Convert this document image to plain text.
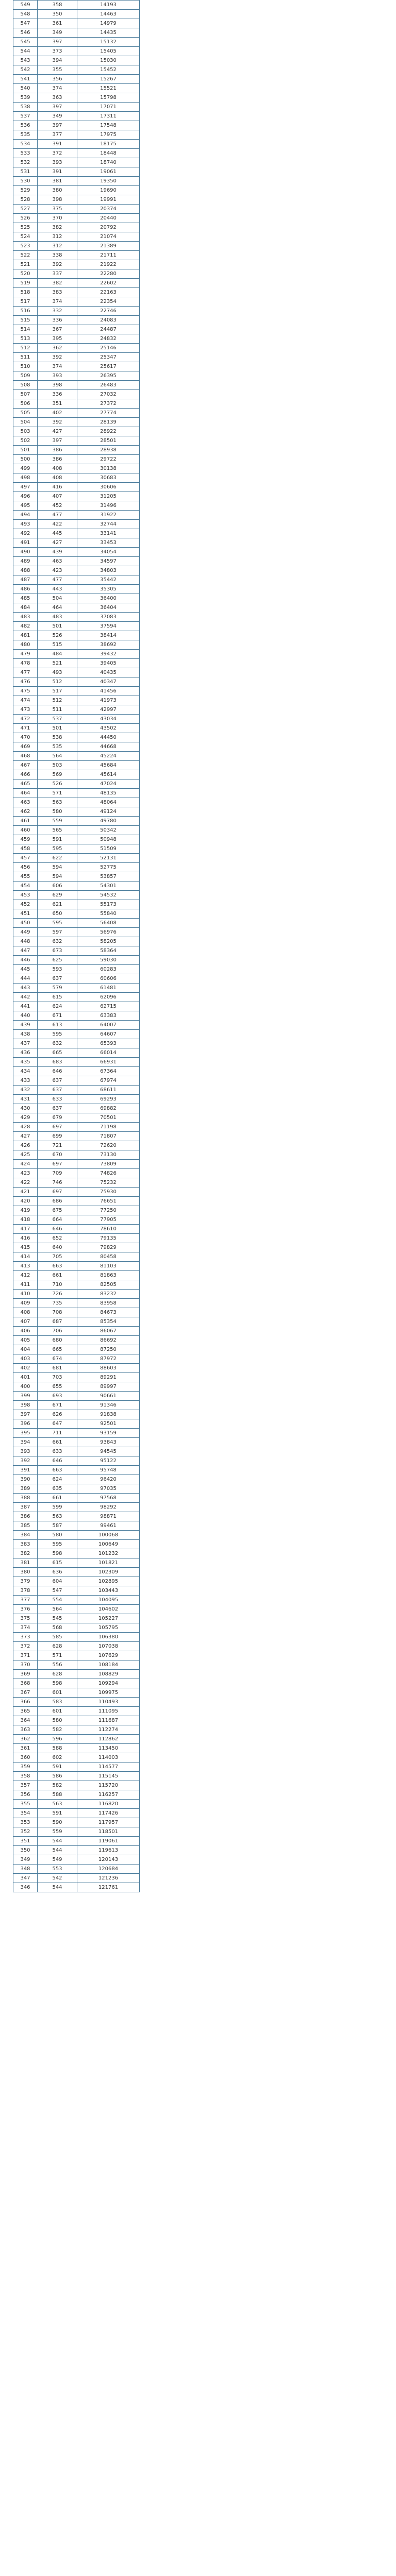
549	358	14193
548	350	14463
547	361	14979
546	349	14435
545	397	15132
544	373	15405
543	394	15030
542	355	15452
541	356	15267
540	374	15521
539	363	15798
538	397	17071
537	349	17311
536	397	17548
535	377	17975
534	391	18175
533	372	18448
532	393	18740
531	391	19061
530	381	19350
529	380	19690
528	398	19991
527	375	20374
526	370	20440
525	382	20792
524	312	21074
523	312	21389
522	338	21711
521	392	21922
520	337	22280
519	382	22602
518	383	22163
517	374	22354
516	332	22746
515	336	24083
514	367	24487
513	395	24832
512	362	25146
511	392	25347
510	374	25617
509	393	26395
508	398	26483
507	336	27032
506	351	27372
505	402	27774
504	392	28139
503	427	28922
502	397	28501
501	386	28938
500	386	29722
499	408	30138
498	408	30683
497	416	30606
496	407	31205
495	452	31496
494	477	31922
493	422	32744
492	445	33141
491	427	33453
490	439	34054
489	463	34597
488	423	34803
487	477	35442
486	443	35305
485	504	36400
484	464	36404
483	483	37083
482	501	37594
481	526	38414
480	515	38692
479	484	39432
478	521	39405
477	493	40435
476	512	40347
475	517	41456
474	512	41973
473	511	42997
472	537	43034
471	501	43502
470	538	44450
469	535	44668
468	564	45224
467	503	45684
466	569	45614
465	526	47024
464	571	48135
463	563	48064
462	580	49124
461	559	49780
460	565	50342
459	591	50948
458	595	51509
457	622	52131
456	594	52775
455	594	53857
454	606	54301
453	629	54532
452	621	55173
451	650	55840
450	595	56408
449	597	56976
448	632	58205
447	673	58364
446	625	59030
445	593	60283
444	637	60606
443	579	61481
442	615	62096
441	624	62715
440	671	63383
439	613	64007
438	595	64607
437	632	65393
436	665	66014
435	683	66931
434	646	67364
433	637	67974
432	637	68611
431	633	69293
430	637	69882
429	679	70501
428	697	71198
427	699	71807
426	721	72620
425	670	73130
424	697	73809
423	709	74826
422	746	75232
421	697	75930
420	686	76651
419	675	77250
418	664	77905
417	646	78610
416	652	79135
415	640	79829
414	705	80458
413	663	81103
412	661	81863
411	710	82505
410	726	83232
409	735	83958
408	708	84673
407	687	85354
406	706	86067
405	680	86692
404	665	87250
403	674	87972
402	681	88603
401	703	89291
400	655	89997
399	693	90661
398	671	91346
397	626	91838
396	647	92501
395	711	93159
394	661	93843
393	633	94545
392	646	95122
391	663	95748
390	624	96420
389	635	97035
388	661	97568
387	599	98292
386	563	98871
385	587	99461
384	580	100068
383	595	100649
382	598	101232
381	615	101821
380	636	102309
379	604	102895
378	547	103443
377	554	104095
376	564	104602
375	545	105227
374	568	105795
373	585	106380
372	628	107038
371	571	107629
370	556	108184
369	628	108829
368	598	109294
367	601	109975
366	583	110493
365	601	111095
364	580	111687
363	582	112274
362	596	112862
361	588	113450
360	602	114003
359	591	114577
358	586	115145
357	582	115720
356	588	116257
355	563	116820
354	591	117426
353	590	117957
352	559	118501
351	544	119061
350	544	119613
349	549	120143
348	553	120684
347	542	121236
346	544	121761
